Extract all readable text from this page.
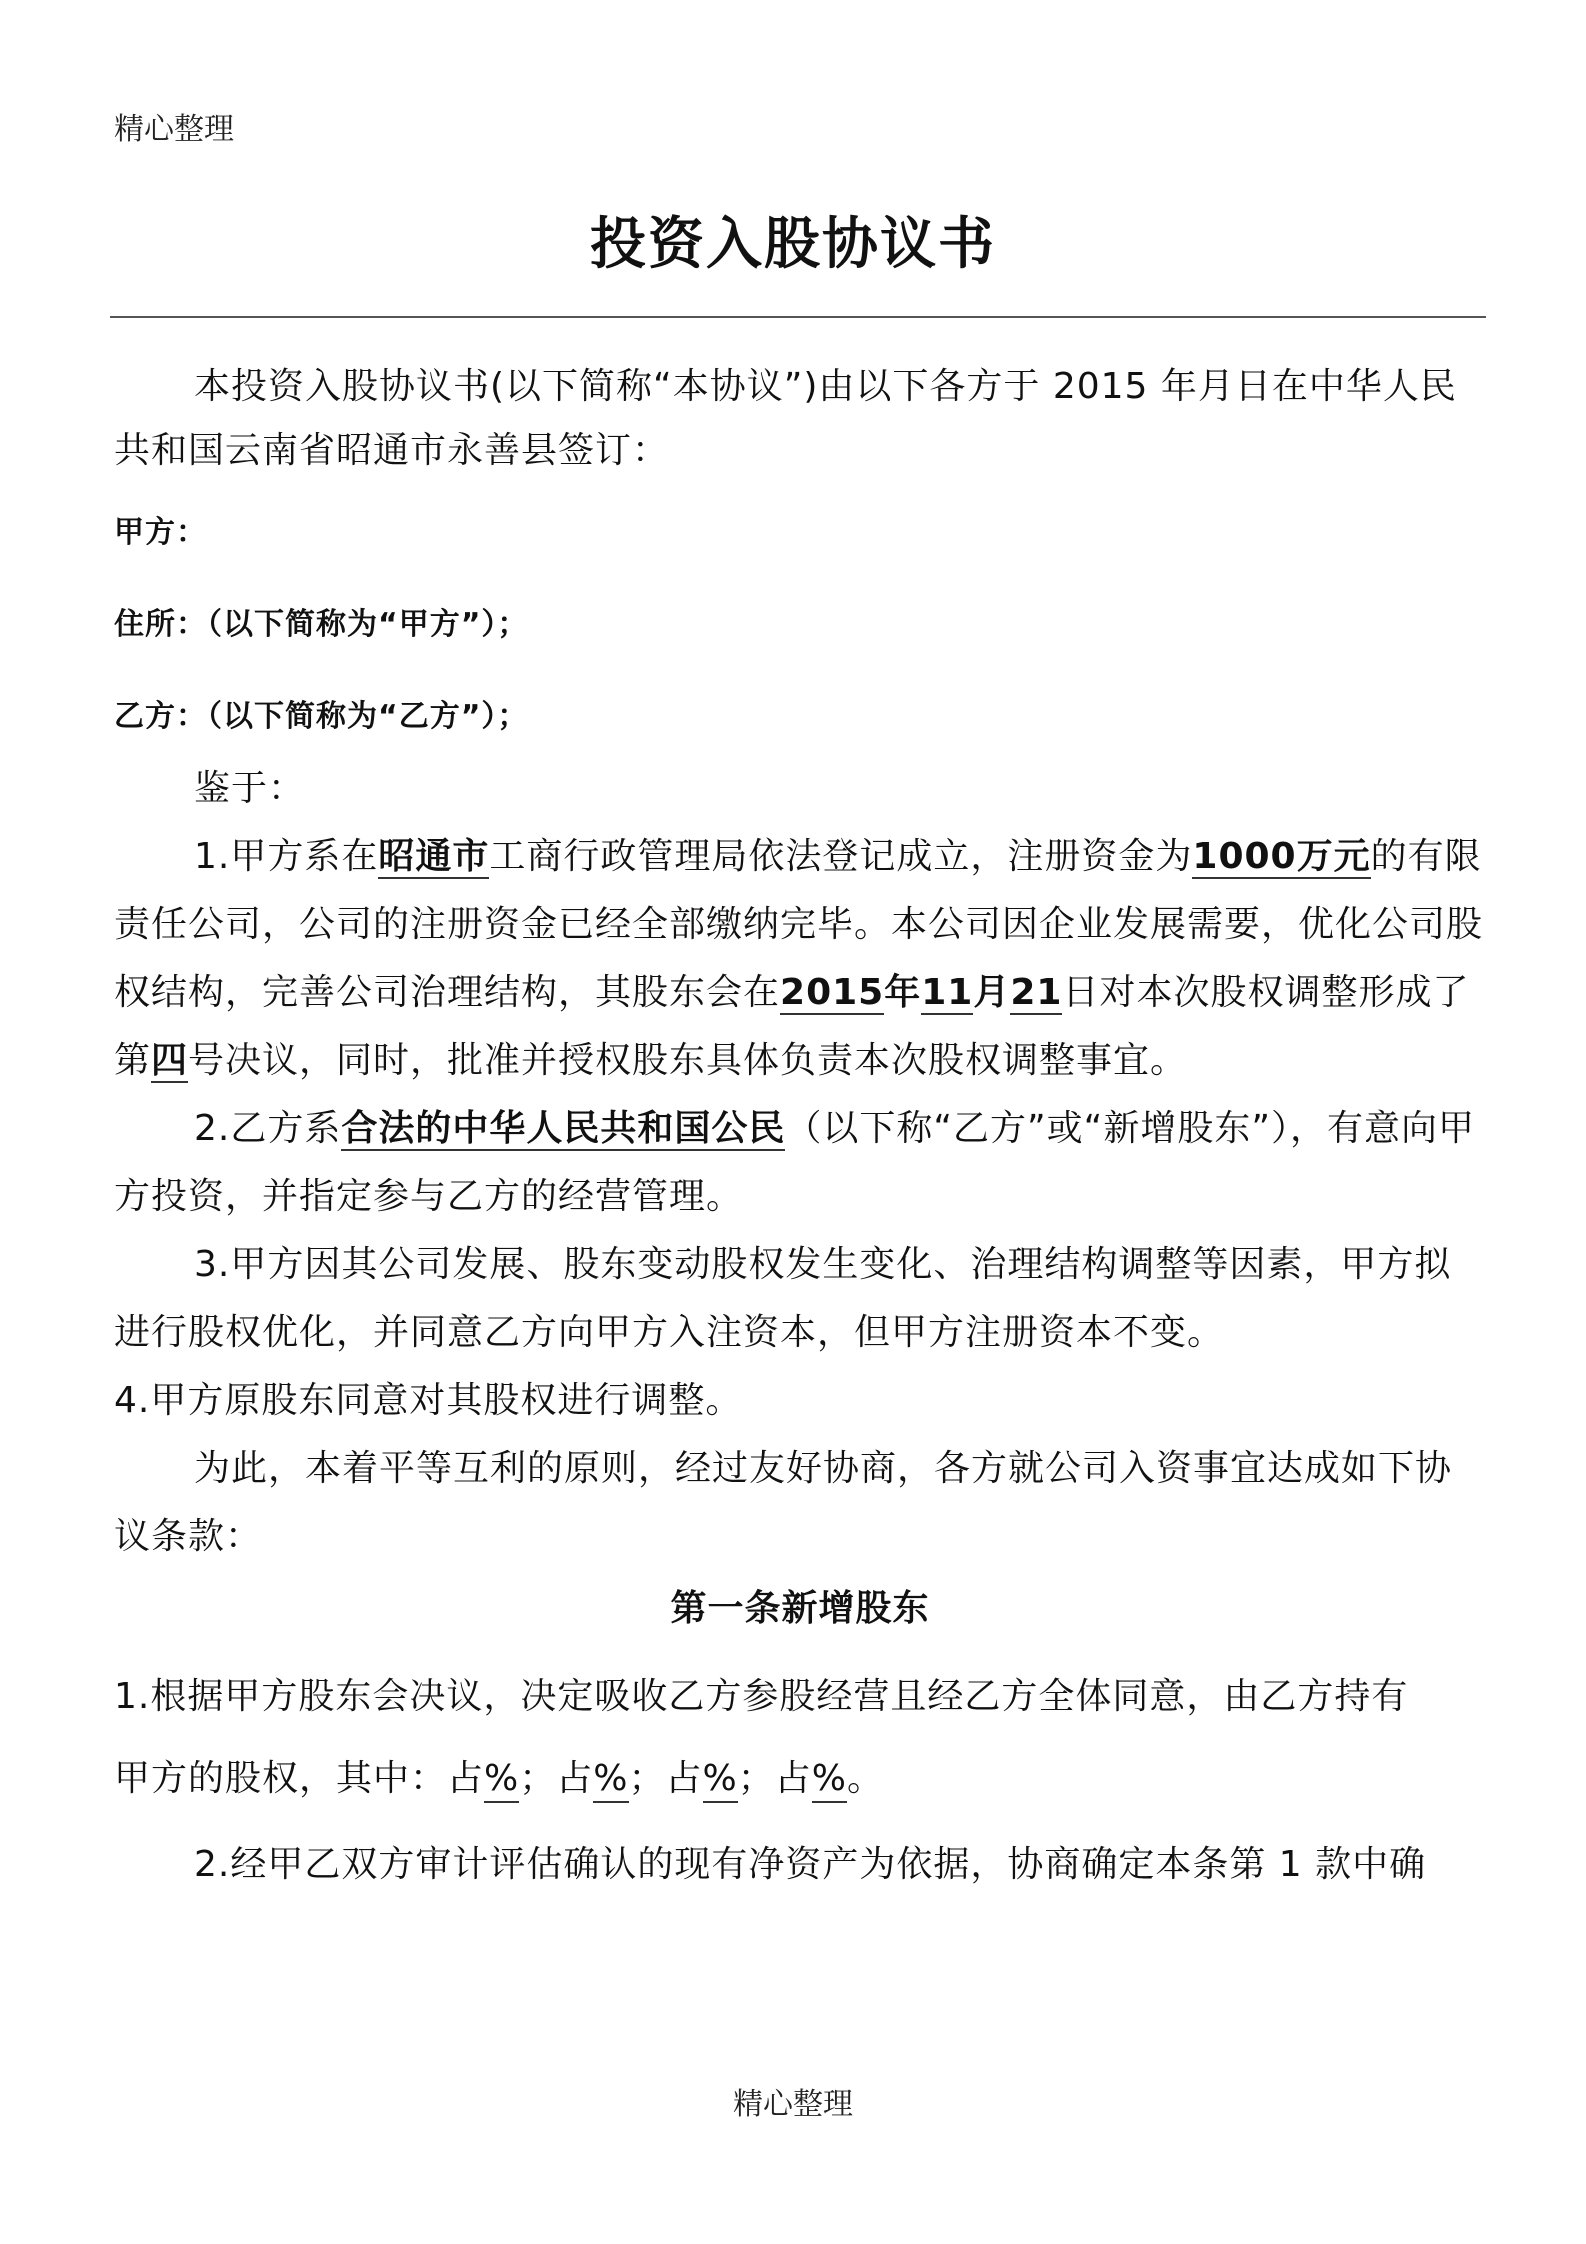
精心整理
投资入股协议书

本投资入股协议书(以下简称“本协议”)由以下各方于 2015 年月日在中华人民共和国云南省昭通市永善县签订：

甲方：

住所：（以下简称为“甲方”）；

乙方：（以下简称为“乙方”）；

鉴于：

1.甲方系在昭通市工商行政管理局依法登记成立，注册资金为1000万元的有限责任公司，公司的注册资金已经全部缴纳完毕。本公司因企业发展需要，优化公司股权结构，完善公司治理结构，其股东会在2015年11月21日对本次股权调整形成了第四号决议，同时，批准并授权股东具体负责本次股权调整事宜。

2.乙方系合法的中华人民共和国公民（以下称“乙方”或“新增股东”），有意向甲方投资，并指定参与乙方的经营管理。

3.甲方因其公司发展、股东变动股权发生变化、治理结构调整等因素，甲方拟进行股权优化，并同意乙方向甲方入注资本，但甲方注册资本不变。

4.甲方原股东同意对其股权进行调整。

为此，本着平等互利的原则，经过友好协商，各方就公司入资事宜达成如下协议条款：

第一条新增股东

1.根据甲方股东会决议，决定吸收乙方参股经营且经乙方全体同意，由乙方持有

甲方的股权，其中：占%；占%；占%；占%。

2.经甲乙双方审计评估确认的现有净资产为依据，协商确定本条第 1 款中确

精心整理
